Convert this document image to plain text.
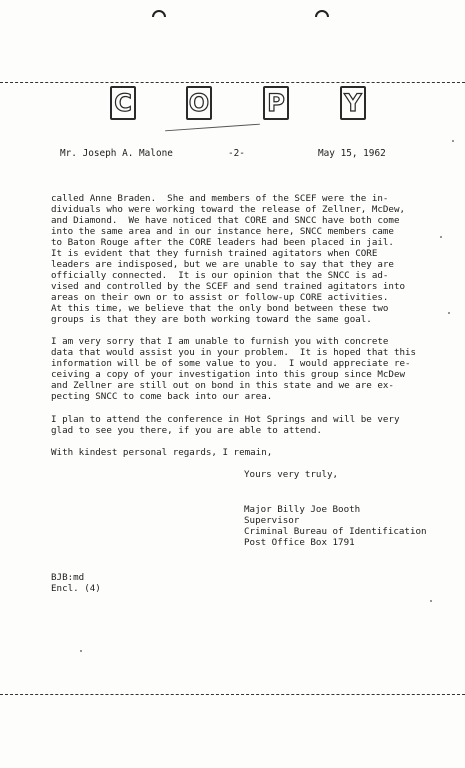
C O P Y
Mr. Joseph A. Malone	-2-	May 15, 1962
called Anne Braden.  She and members of the SCEF were the in-
dividuals who were working toward the release of Zellner, McDew,
and Diamond.  We have noticed that CORE and SNCC have both come
into the same area and in our instance here, SNCC members came
to Baton Rouge after the CORE leaders had been placed in jail.
It is evident that they furnish trained agitators when CORE
leaders are indisposed, but we are unable to say that they are
officially connected.  It is our opinion that the SNCC is ad-
vised and controlled by the SCEF and send trained agitators into
areas on their own or to assist or follow-up CORE activities.
At this time, we believe that the only bond between these two
groups is that they are both working toward the same goal.
I am very sorry that I am unable to furnish you with concrete
data that would assist you in your problem.  It is hoped that this
information will be of some value to you.  I would appreciate re-
ceiving a copy of your investigation into this group since McDew
and Zellner are still out on bond in this state and we are ex-
pecting SNCC to come back into our area.
I plan to attend the conference in Hot Springs and will be very
glad to see you there, if you are able to attend.
With kindest personal regards, I remain,
Yours very truly,
Major Billy Joe Booth
Supervisor
Criminal Bureau of Identification
Post Office Box 1791
BJB:md
Encl. (4)
